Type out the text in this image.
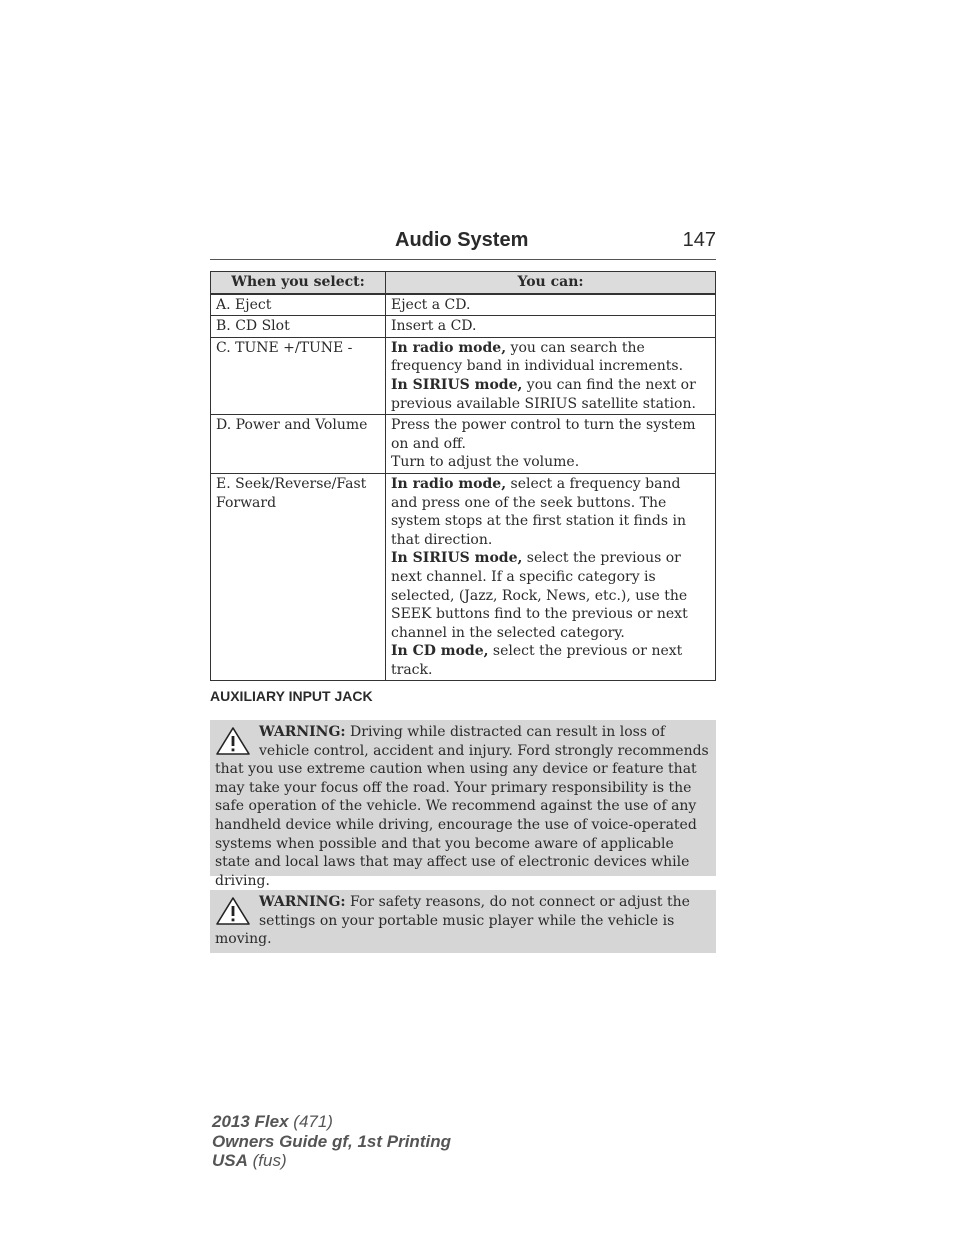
Audio System	147
When you select:	You can:
A. Eject	Eject a CD.

B. CD Slot	Insert a CD.

C. TUNE +/TUNE -	In radio mode, you can search the frequency band in individual increments.
In SIRIUS mode, you can find the next or previous available SIRIUS satellite station.

D. Power and Volume	Press the power control to turn the system on and off.
Turn to adjust the volume.

E. Seek/Reverse/Fast Forward	In radio mode, select a frequency band and press one of the seek buttons. The system stops at the first station it finds in that direction.
In SIRIUS mode, select the previous or next channel. If a specific category is selected, (Jazz, Rock, News, etc.), use the SEEK buttons find to the previous or next channel in the selected category.
In CD mode, select the previous or next track.
AUXILIARY INPUT JACK
WARNING: Driving while distracted can result in loss of vehicle control, accident and injury. Ford strongly recommends that you use extreme caution when using any device or feature that may take your focus off the road. Your primary responsibility is the safe operation of the vehicle. We recommend against the use of any handheld device while driving, encourage the use of voice-operated systems when possible and that you become aware of applicable state and local laws that may affect use of electronic devices while driving.
WARNING: For safety reasons, do not connect or adjust the settings on your portable music player while the vehicle is moving.
2013 Flex (471)
Owners Guide gf, 1st Printing
USA (fus)
